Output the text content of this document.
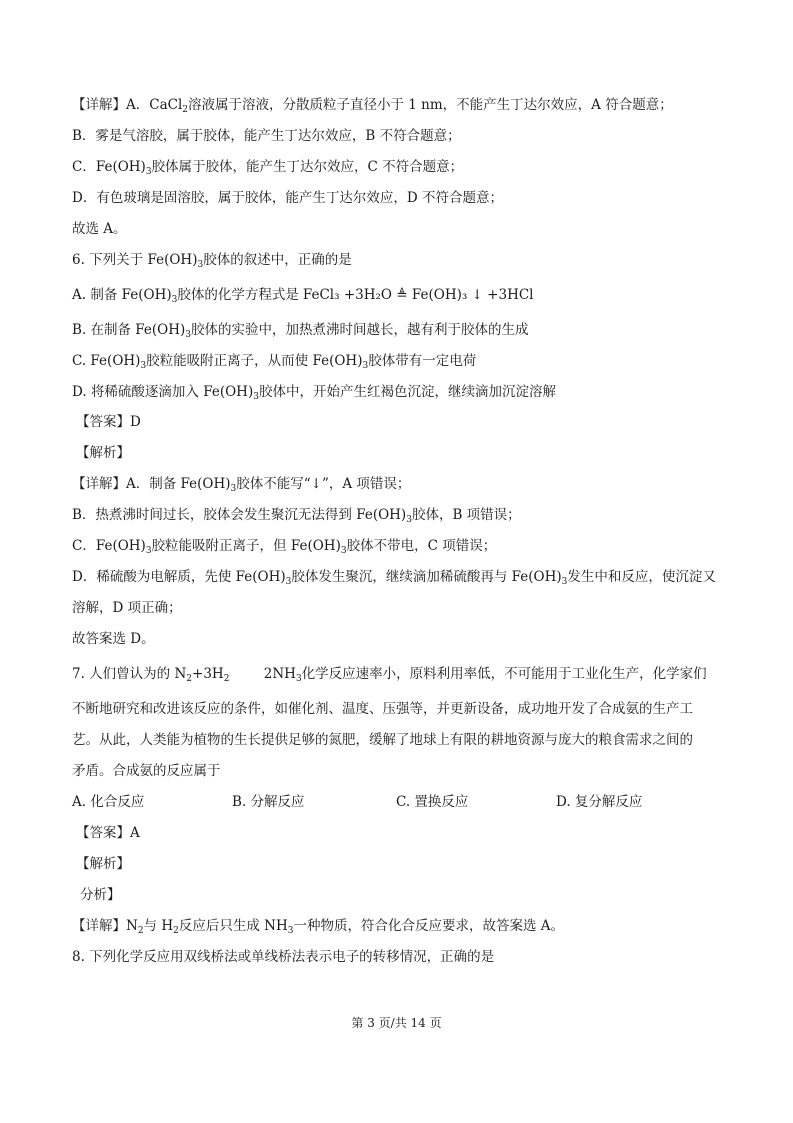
【详解】A．CaCl$_2$溶液属于溶液，分散质粒子直径小于 1 nm，不能产生丁达尔效应，A 符合题意；
B．雾是气溶胶，属于胶体，能产生丁达尔效应，B 不符合题意；
C．$Fe(OH)_3$胶体属于胶体，能产生丁达尔效应，C 不符合题意；
D．有色玻璃是固溶胶，属于胶体，能产生丁达尔效应，D 不符合题意；
故选 A。
6. 下列关于 $Fe(OH)_3$胶体的叙述中，正确的是
A. 制备 $Fe(OH)_3$胶体的化学方程式是 FeCl₃ +3H₂O ≜ Fe(OH)₃ ↓ +3HCl
B. 在制备 $Fe(OH)_3$胶体的实验中，加热煮沸时间越长，越有利于胶体的生成
C. $Fe(OH)_3$胶粒能吸附正离子，从而使 $Fe(OH)_3$胶体带有一定电荷
D. 将稀硫酸逐滴加入 $Fe(OH)_3$胶体中，开始产生红褐色沉淀，继续滴加沉淀溶解
【答案】D
【解析】
【详解】A．制备 $Fe(OH)_3$胶体不能写“↓”，A 项错误；
B．热煮沸时间过长，胶体会发生聚沉无法得到 $Fe(OH)_3$胶体，B 项错误；
C．$Fe(OH)_3$胶粒能吸附正离子，但 $Fe(OH)_3$胶体不带电，C 项错误；
D．稀硫酸为电解质，先使 $Fe(OH)_3$胶体发生聚沉，继续滴加稀硫酸再与 $Fe(OH)_3$发生中和反应，使沉淀又
溶解，D 项正确；
故答案选 D。
7. 人们曾认为的 $N_2+3H_2$        $2NH_3$化学反应速率小，原料利用率低，不可能用于工业化生产，化学家们
不断地研究和改进该反应的条件，如催化剂、温度、压强等，并更新设备，成功地开发了合成氨的生产工
艺。从此，人类能为植物的生长提供足够的氮肥，缓解了地球上有限的耕地资源与庞大的粮食需求之间的
矛盾。合成氨的反应属于
A. 化合反应	B. 分解反应	C. 置换反应	D. 复分解反应
【答案】A
【解析】
分析】
【详解】$N_2$与 $H_2$反应后只生成 $NH_3$一种物质，符合化合反应要求，故答案选 A。
8. 下列化学反应用双线桥法或单线桥法表示电子的转移情况，正确的是
第 3 页/共 14 页
